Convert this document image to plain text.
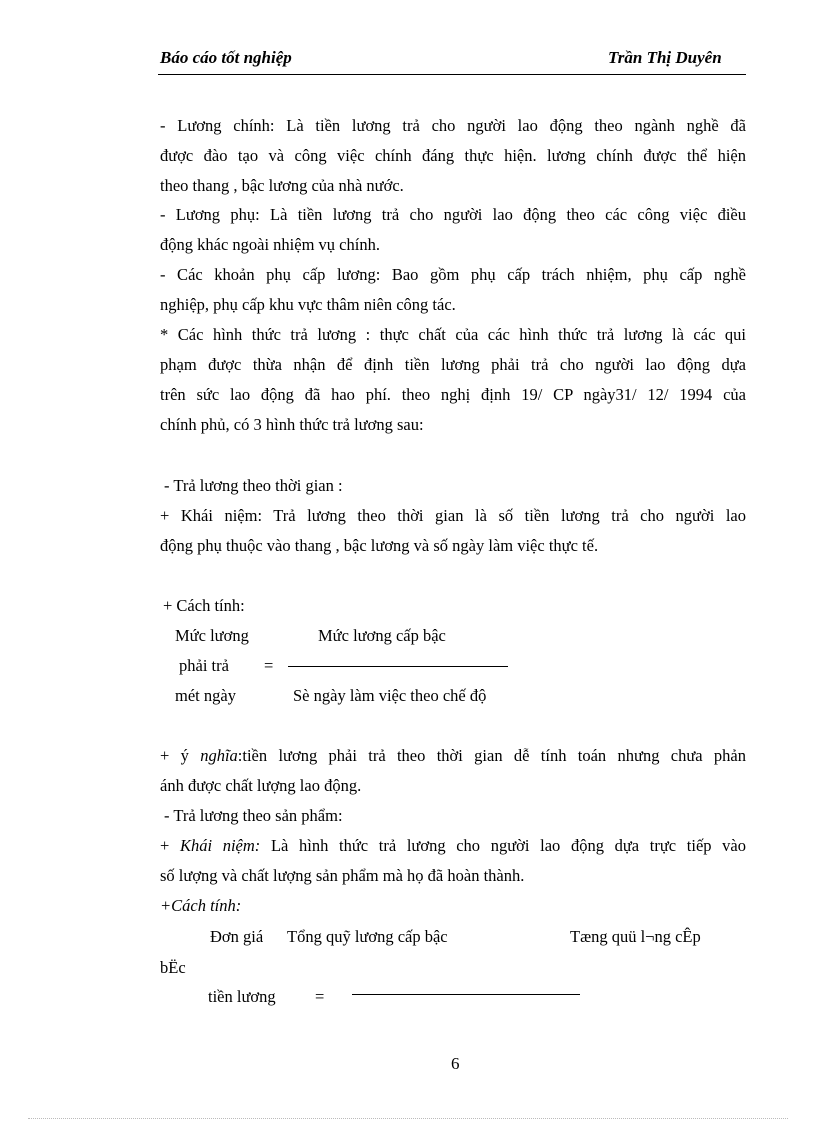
Báo cáo tốt nghiệp	Trần Thị Duyên
- Lương chính: Là tiền lương trả cho người lao động theo ngành nghề đã
được đào tạo và công việc chính đáng thực hiện. lương chính được thể hiện
theo thang , bậc lương của nhà nước.
- Lương phụ: Là tiền lương trả cho người lao động theo các công việc điều
động khác ngoài nhiệm vụ chính.
- Các khoản phụ cấp lương: Bao gồm phụ cấp trách nhiệm, phụ cấp nghề
nghiệp, phụ cấp khu vực thâm niên công tác.
* Các hình thức trả lương : thực chất của các hình thức trả lương là các qui
phạm được thừa nhận để định tiền lương phải trả cho người lao động dựa
trên sức lao động đã hao phí. theo nghị định 19/ CP ngày31/ 12/ 1994 của
chính phủ, có 3 hình thức trả lương sau:
- Trả lương theo thời gian :
+ Khái niệm: Trả lương theo thời gian là số tiền lương trả cho người lao
động phụ thuộc vào thang , bậc lương và số ngày làm việc thực tế.
+ Cách tính:
Mức lương	Mức lương cấp bậc
phải trả =
mét ngày	Sè ngày làm việc theo chế độ
+ ý nghĩa:tiền lương phải trả theo thời gian dễ tính toán nhưng chưa phản
ánh được chất lượng lao động.
- Trả lương theo sản phẩm:
+ Khái niệm: Là hình thức trả lương cho người lao động dựa trực tiếp vào
số lượng và chất lượng sản phẩm mà họ đã hoàn thành.
+Cách tính:
Đơn giá Tổng quỹ lương cấp bậc	Tæng quü l¬ng cÊp
bËc
tiền lương =
6
